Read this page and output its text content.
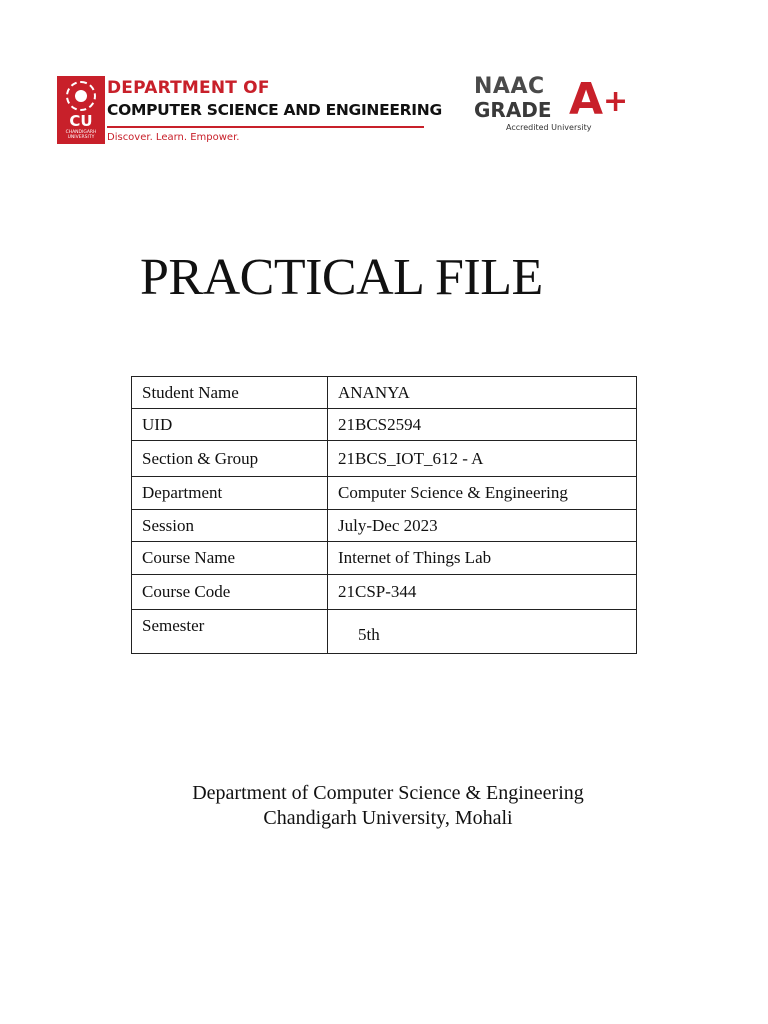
CU
CHANDIGARH UNIVERSITY
DEPARTMENT OF
COMPUTER SCIENCE AND ENGINEERING
Discover. Learn. Empower.
NAAC
GRADE A +
Accredited University
PRACTICAL FILE
Student Name	ANANYA
UID	21BCS2594
Section & Group	21BCS_IOT_612 - A
Department	Computer Science & Engineering
Session	July-Dec 2023
Course Name	Internet of Things Lab
Course Code	21CSP-344
Semester	5th
Department of Computer Science & Engineering
Chandigarh University, Mohali
